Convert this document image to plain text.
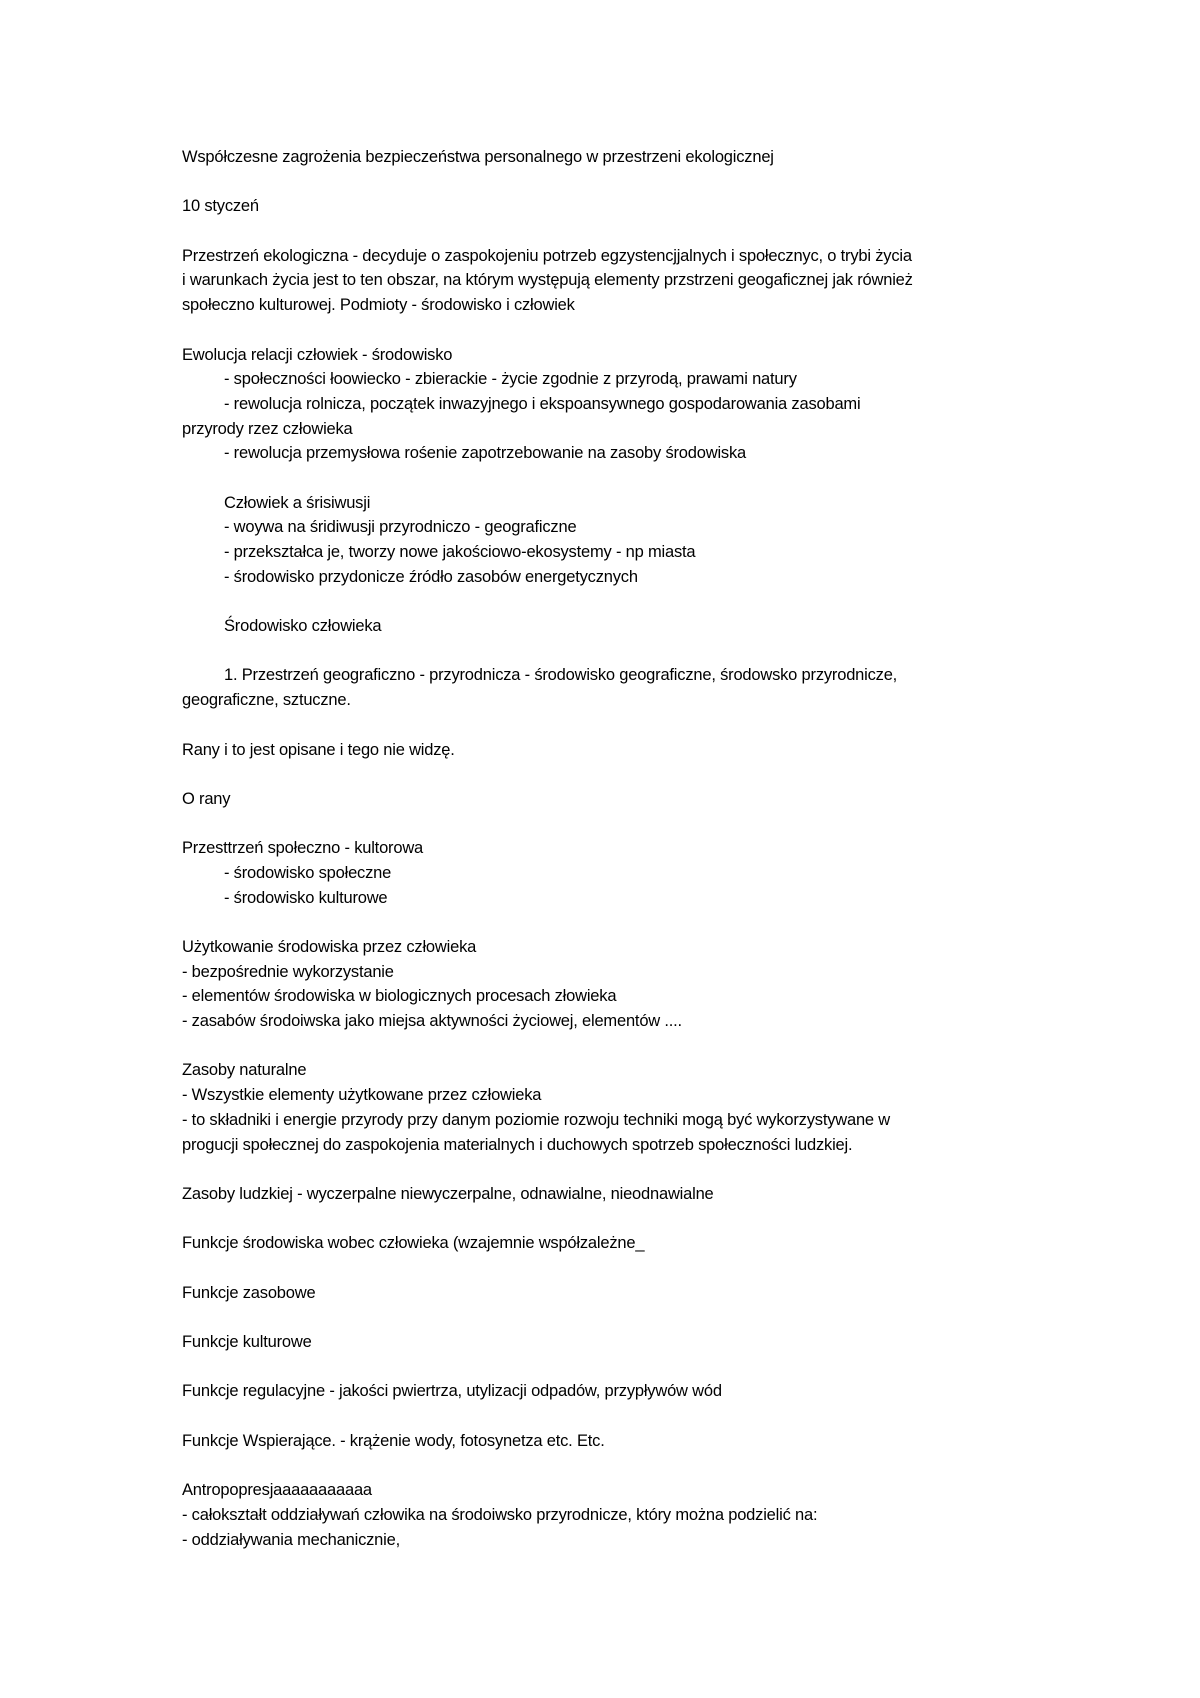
Współczesne zagrożenia bezpieczeństwa personalnego w przestrzeni ekologicznej

10 styczeń

Przestrzeń ekologiczna - decyduje o zaspokojeniu potrzeb egzystencjjalnych i społecznyc, o trybi życia

i warunkach życia jest to ten obszar, na którym występują elementy przstrzeni geogaficznej jak również

społeczno kulturowej. Podmioty - środowisko i człowiek

Ewolucja relacji człowiek - środowisko

- społeczności łoowiecko - zbierackie - życie zgodnie z przyrodą, prawami natury

- rewolucja rolnicza, początek inwazyjnego i ekspoansywnego gospodarowania zasobami

przyrody rzez człowieka

- rewolucja przemysłowa rośenie zapotrzebowanie na zasoby środowiska

Człowiek a śrisiwusji

- woywa na śridiwusji przyrodniczo - geograficzne

- przekształca je, tworzy nowe jakościowo-ekosystemy - np miasta

- środowisko przydonicze źródło zasobów energetycznych

Środowisko człowieka

1. Przestrzeń geograficzno - przyrodnicza - środowisko geograficzne, środowsko przyrodnicze,

geograficzne, sztuczne.

Rany i to jest opisane i tego nie widzę.

O rany

Przesttrzeń społeczno - kultorowa

- środowisko społeczne

- środowisko kulturowe

Użytkowanie środowiska przez człowieka

- bezpośrednie wykorzystanie

- elementów środowiska w biologicznych procesach złowieka

- zasabów środoiwska jako miejsa aktywności życiowej, elementów ....

Zasoby naturalne

- Wszystkie elementy użytkowane przez człowieka

- to składniki i energie przyrody przy danym poziomie rozwoju techniki mogą być wykorzystywane w

progucji społecznej do zaspokojenia materialnych i duchowych spotrzeb społeczności ludzkiej.

Zasoby ludzkiej - wyczerpalne niewyczerpalne, odnawialne, nieodnawialne

Funkcje środowiska wobec człowieka (wzajemnie współzależne_

Funkcje zasobowe

Funkcje kulturowe

Funkcje regulacyjne - jakości pwiertrza, utylizacji odpadów, przypływów wód

Funkcje Wspierające. - krążenie wody, fotosynetza etc. Etc.

Antropopresjaaaaaaaaaaa

- całokształt oddziaływań człowika na środoiwsko przyrodnicze, który można podzielić na:

- oddziaływania mechanicznie,
